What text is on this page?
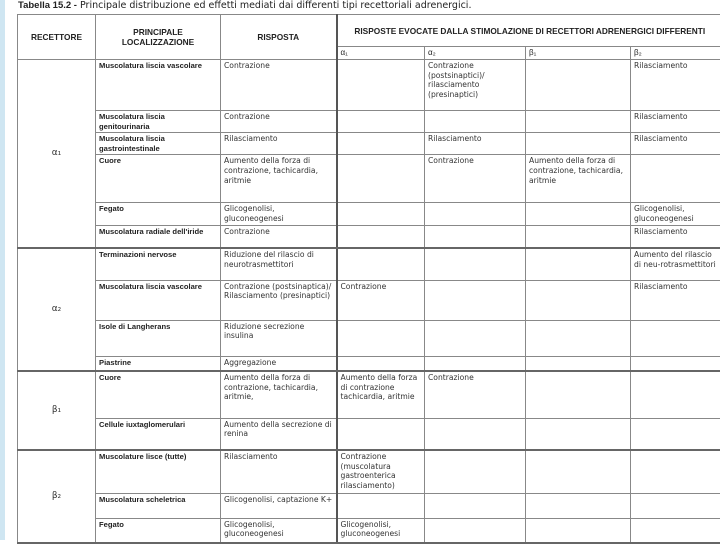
Tabella 15.2 - Principale distribuzione ed effetti mediati dai differenti tipi recettoriali adrenergici.
RECETTORE	PRINCIPALE LOCALIZZAZIONE	RISPOSTA	RISPOSTE EVOCATE DALLA STIMOLAZIONE DI RECETTORI ADRENERGICI DIFFERENTI			
			α₁	α₂	β₁	β₂
α₁	Muscolatura liscia vascolare	Contrazione		Contrazione (postsinaptici)/ rilasciamento (presinaptici)		Rilasciamento
	Muscolatura liscia genitourinaria	Contrazione				Rilasciamento
	Muscolatura liscia gastrointestinale	Rilasciamento		Rilasciamento		Rilasciamento
	Cuore	Aumento della forza di contrazione, tachicardia, aritmie		Contrazione	Aumento della forza di contrazione, tachicardia, aritmie	
	Fegato	Glicogenolisi, gluconeogenesi				Glicogenolisi, gluconeogenesi
	Muscolatura radiale dell'iride	Contrazione				Rilasciamento
α₂	Terminazioni nervose	Riduzione del rilascio di neurotrasmettitori				Aumento del rilascio di neu-rotrasmettitori
	Muscolatura liscia vascolare	Contrazione (postsinaptica)/ Rilasciamento (presinaptici)	Contrazione			Rilasciamento
	Isole di Langherans	Riduzione secrezione insulina				
	Piastrine	Aggregazione				
β₁	Cuore	Aumento della forza di contrazione, tachicardia, aritmie,	Aumento della forza di contrazione tachicardia, aritmie	Contrazione		
	Cellule iuxtaglomerulari	Aumento della secrezione di renina				
β₂	Muscolature lisce (tutte)	Rilasciamento	Contrazione (muscolatura gastroenterica rilasciamento)			
	Muscolatura scheletrica	Glicogenolisi, captazione K+				
	Fegato	Glicogenolisi, gluconeogenesi	Glicogenolisi, gluconeogenesi			
